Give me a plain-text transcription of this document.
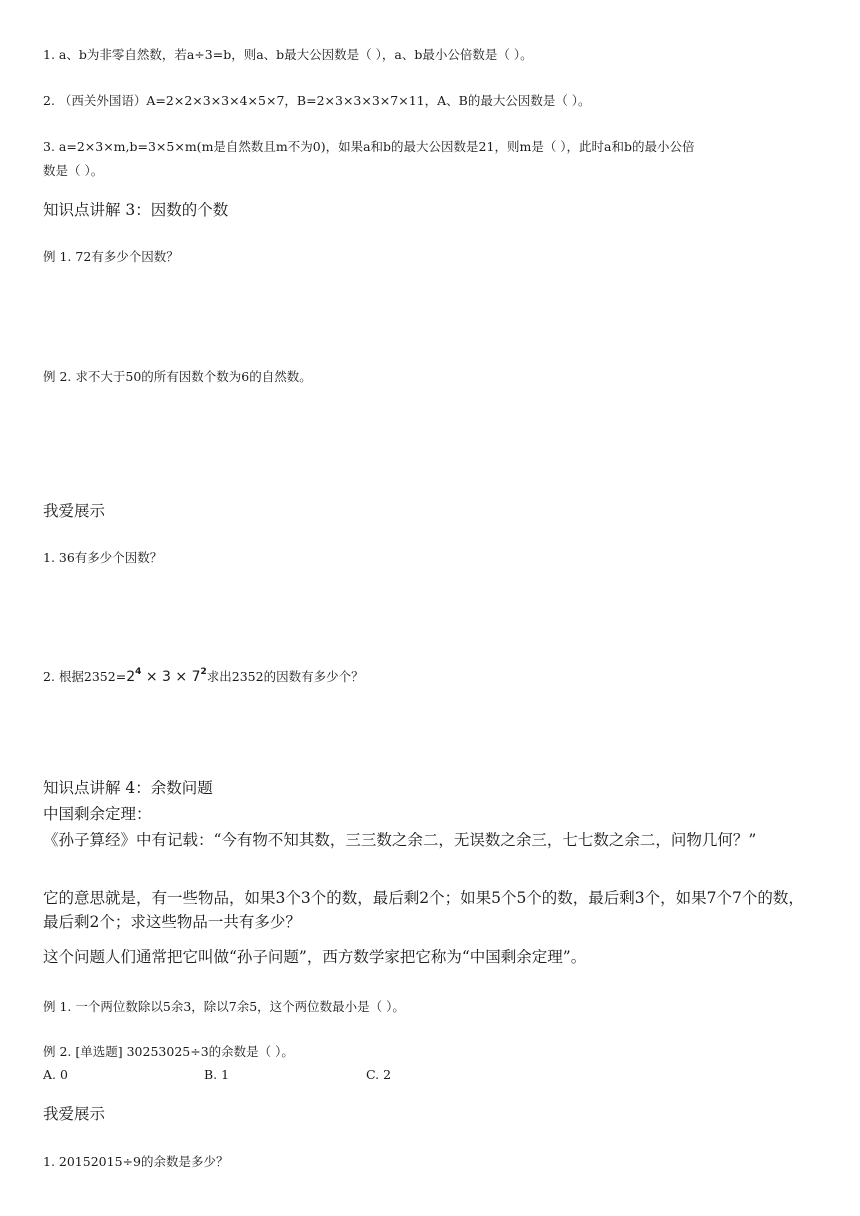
1. a、b为非零自然数，若a÷3=b，则a、b最大公因数是（ ），a、b最小公倍数是（ ）。
2. （西关外国语）A=2×2×3×3×4×5×7，B=2×3×3×3×7×11，A、B的最大公因数是（ ）。
3. a=2×3×m,b=3×5×m(m是自然数且m不为0)，如果a和b的最大公因数是21，则m是（ ），此时a和b的最小公倍
数是（ ）。
知识点讲解 3：因数的个数
例 1. 72有多少个因数？
例 2. 求不大于50的所有因数个数为6的自然数。
我爱展示
1. 36有多少个因数？
2. 根据$2352=2^4 \times 3 \times 7^2$求出2352的因数有多少个？
知识点讲解 4：余数问题
中国剩余定理：
《孙子算经》中有记载：“今有物不知其数，三三数之余二，无误数之余三，七七数之余二，问物几何？”
它的意思就是，有一些物品，如果3个3个的数，最后剩2个；如果5个5个的数，最后剩3个，如果7个7个的数，最后剩2个；求这些物品一共有多少？
这个问题人们通常把它叫做“孙子问题”，西方数学家把它称为“中国剩余定理”。
例 1. 一个两位数除以5余3，除以7余5，这个两位数最小是（ ）。
例 2. [单选题] 30253025÷3的余数是（ ）。
A. 0	B. 1	C. 2
我爱展示
1. 20152015÷9的余数是多少？
